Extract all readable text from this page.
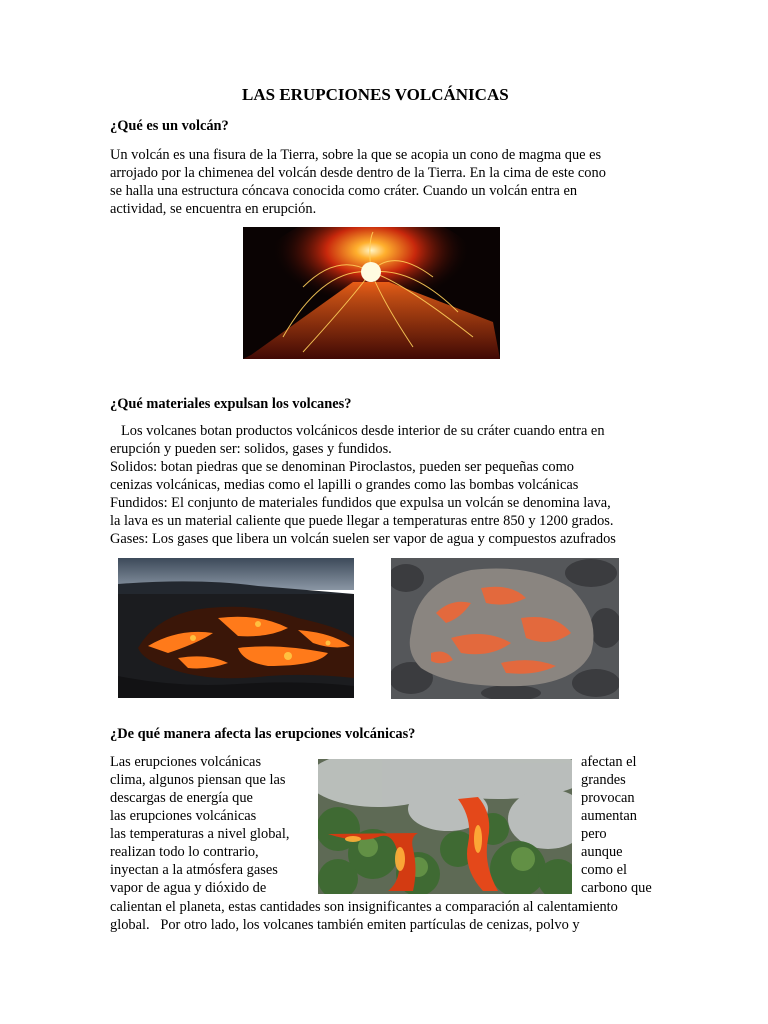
LAS ERUPCIONES VOLCÁNICAS
¿Qué es un volcán?

Un volcán es una fisura de la Tierra, sobre la que se acopia un cono de magma que es

arrojado por la chimenea del volcán desde dentro de la Tierra. En la cima de este cono

se halla una estructura cóncava conocida como cráter. Cuando un volcán entra en

actividad, se encuentra en erupción.

¿Qué materiales expulsan los volcanes?

Los volcanes botan productos volcánicos desde interior de su cráter cuando entra en

erupción y pueden ser: solidos, gases y fundidos.

Solidos: botan piedras que se denominan Piroclastos, pueden ser pequeñas como

cenizas volcánicas, medias como el lapilli o grandes como las bombas volcánicas

Fundidos: El conjunto de materiales fundidos que expulsa un volcán se denomina lava,

la lava es un material caliente que puede llegar a temperaturas entre 850 y 1200 grados.

Gases: Los gases que libera un volcán suelen ser vapor de agua y compuestos azufrados

¿De qué manera afecta las erupciones volcánicas?

Las erupciones volcánicas

clima, algunos piensan que las

descargas de energía que

las erupciones volcánicas

las temperaturas a nivel global,

realizan todo lo contrario,

inyectan a la atmósfera gases

vapor de agua y dióxido de

afectan el

grandes

provocan

aumentan

pero

aunque

como el

carbono que

calientan el planeta, estas cantidades son insignificantes a comparación al calentamiento

global.   Por otro lado, los volcanes también emiten partículas de cenizas, polvo y
